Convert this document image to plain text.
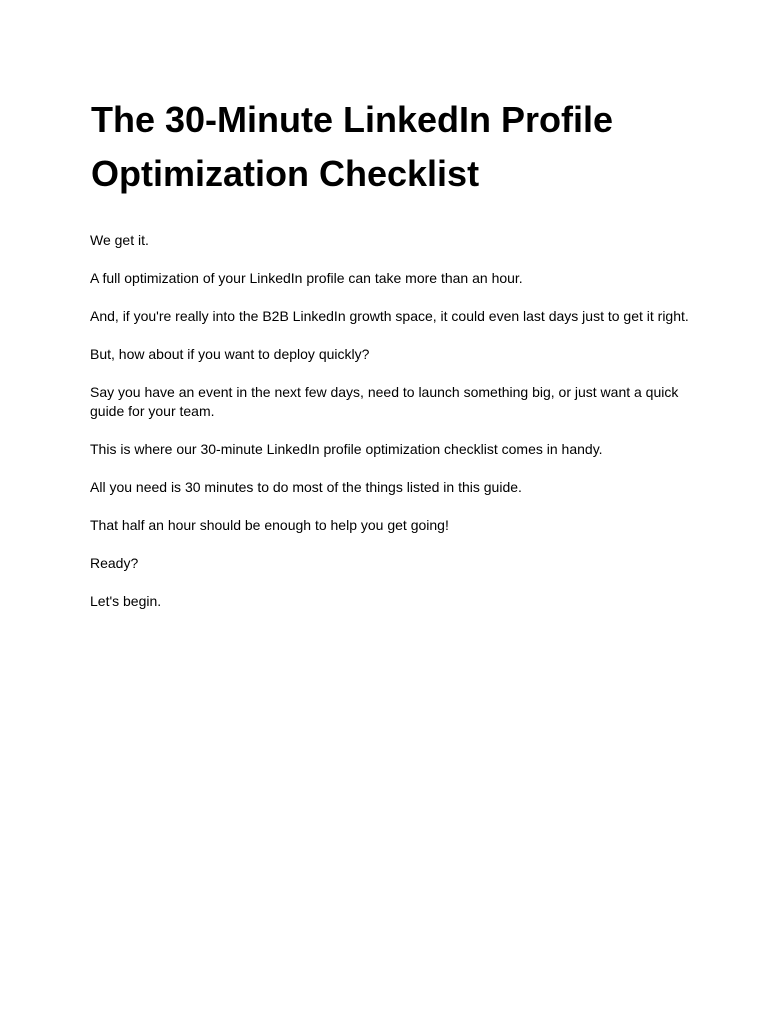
The 30-Minute LinkedIn Profile Optimization Checklist

We get it.

A full optimization of your LinkedIn profile can take more than an hour.

And, if you're really into the B2B LinkedIn growth space, it could even last days just to get it right.

But, how about if you want to deploy quickly?

Say you have an event in the next few days, need to launch something big, or just want a quick guide for your team.

This is where our 30-minute LinkedIn profile optimization checklist comes in handy.

All you need is 30 minutes to do most of the things listed in this guide.

That half an hour should be enough to help you get going!

Ready?

Let's begin.
